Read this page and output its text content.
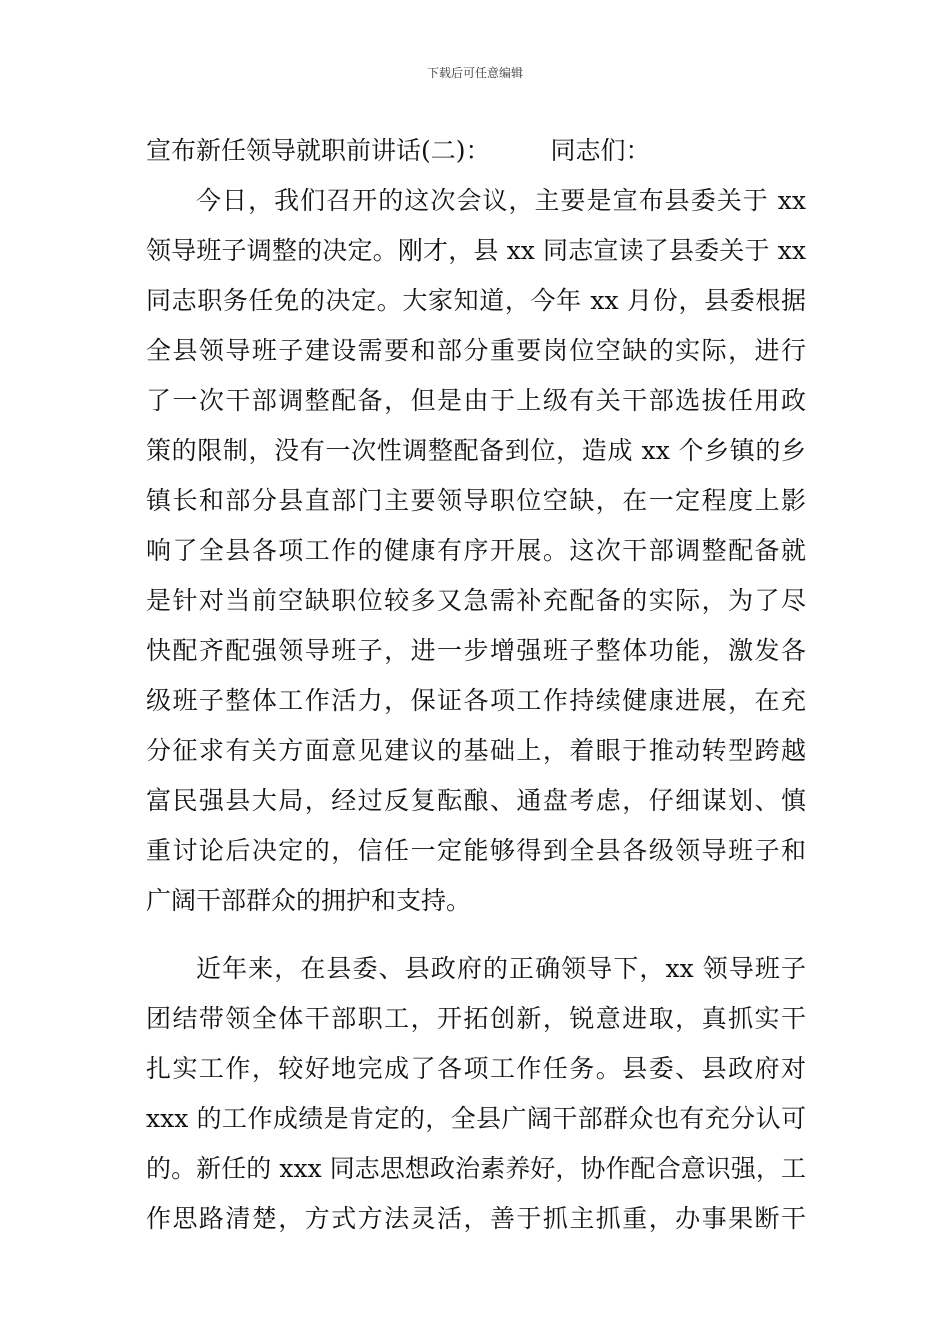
下载后可任意编辑
宣布新任领导就职前讲话(二)： 同志们：
今日，我们召开的这次会议，主要是宣布县委关于 xx
领导班子调整的决定。刚才，县 xx 同志宣读了县委关于 xx
同志职务任免的决定。大家知道，今年 xx 月份，县委根据
全县领导班子建设需要和部分重要岗位空缺的实际，进行
了一次干部调整配备，但是由于上级有关干部选拔任用政
策的限制，没有一次性调整配备到位，造成 xx 个乡镇的乡
镇长和部分县直部门主要领导职位空缺，在一定程度上影
响了全县各项工作的健康有序开展。这次干部调整配备就
是针对当前空缺职位较多又急需补充配备的实际，为了尽
快配齐配强领导班子，进一步增强班子整体功能，激发各
级班子整体工作活力，保证各项工作持续健康进展，在充
分征求有关方面意见建议的基础上，着眼于推动转型跨越
富民强县大局，经过反复酝酿、通盘考虑，仔细谋划、慎
重讨论后决定的，信任一定能够得到全县各级领导班子和
广阔干部群众的拥护和支持。
近年来，在县委、县政府的正确领导下，xx 领导班子
团结带领全体干部职工，开拓创新，锐意进取，真抓实干
扎实工作，较好地完成了各项工作任务。县委、县政府对
xxx 的工作成绩是肯定的，全县广阔干部群众也有充分认可
的。新任的 xxx 同志思想政治素养好，协作配合意识强，工
作思路清楚，方式方法灵活，善于抓主抓重，办事果断干
